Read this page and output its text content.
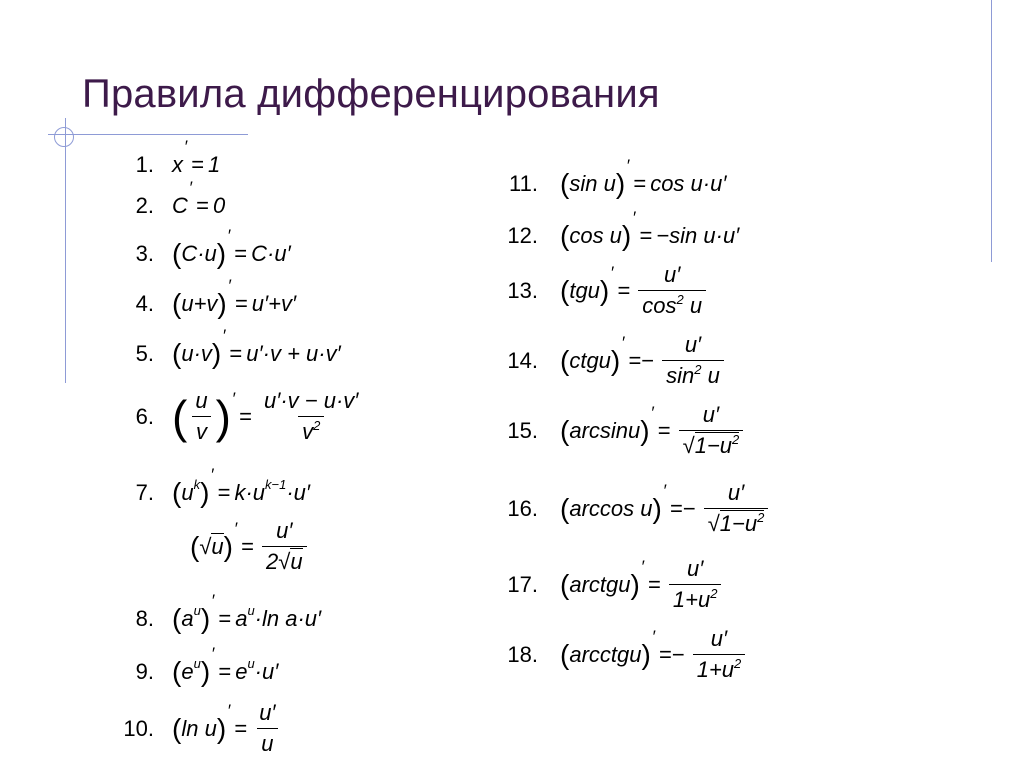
Правила дифференцирования
1. x
′
= 1
2. C
′
= 0
3. ( C·u )
′
= C·u′
4. ( u+v )
′
= u′+v′
5. ( u·v )
′
= u′·v + u·v′
6. ( $\frac{u}{v}$ ) ′
= $\frac{u'\cdot v - u\cdot v'}{v^2}$
7. ( u k )
′
= k·u k−1 ·u′
( √ u )
′
= $\frac{u'}{2√u}$
8. ( a u )
′
= a u ·ln a·u′
9. ( e u )
′
= e u ·u′
10. ( ln u )
′
= $\frac{u'}{u}$
11. ( sin u )
′
= cos u·u′
12. ( cos u )
′
= −sin u·u′
13. ( tgu )
′
= $\frac{u'}{\cos^2 u}$
14. ( ctgu )
′
=− $\frac{u'}{\sin^2 u}$
15. ( arcsinu )
′
= $\frac{u'}{√1-u^2}$
16. ( arccos u )
′
=− $\frac{u'}{√1-u^2}$
17. ( arctgu )
′
= $\frac{u'}{1+u^2}$
18. ( arcctgu )
′
=− $\frac{u'}{1+u^2}$
